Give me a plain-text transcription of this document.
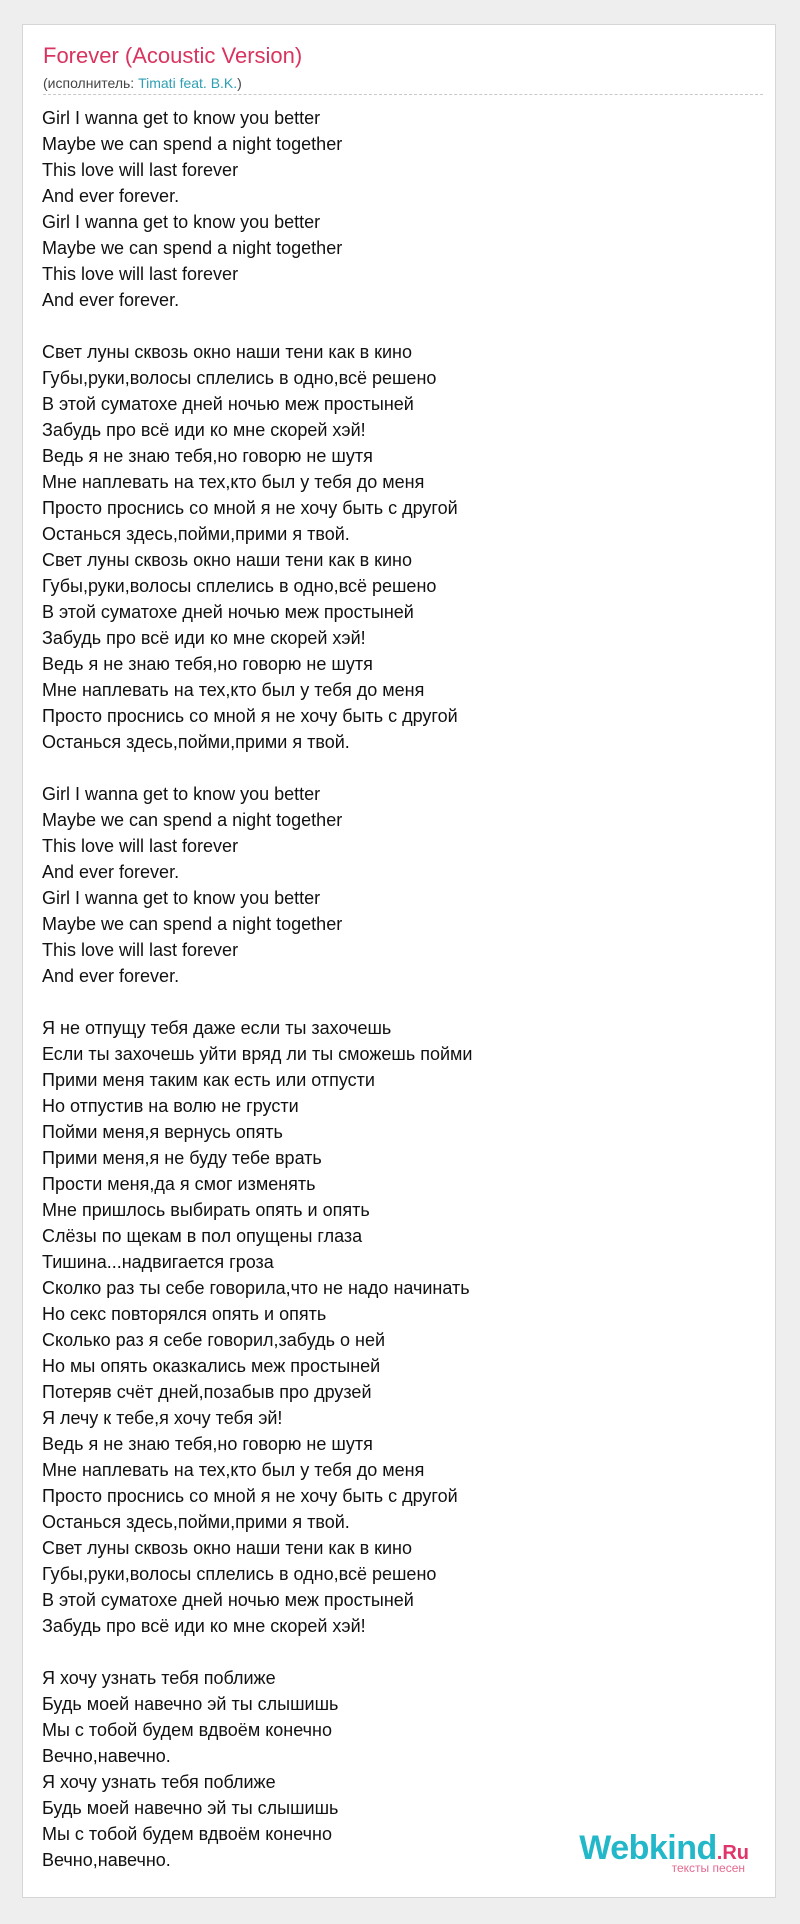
Forever (Acoustic Version)
(исполнитель: Timati feat. B.K.)
Girl I wanna get to know you better
Maybe we can spend a night together
This love will last forever
And ever forever.
Girl I wanna get to know you better
Maybe we can spend a night together
This love will last forever
And ever forever.
Свет луны сквозь окно наши тени как в кино
Губы,руки,волосы сплелись в одно,всё решено
В этой суматохе дней ночью меж простыней
Забудь про всё иди ко мне скорей хэй!
Ведь я не знаю тебя,но говорю не шутя
Мне наплевать на тех,кто был у тебя до меня
Просто проснись со мной я не хочу быть с другой
Останься здесь,пойми,прими я твой.
Свет луны сквозь окно наши тени как в кино
Губы,руки,волосы сплелись в одно,всё решено
В этой суматохе дней ночью меж простыней
Забудь про всё иди ко мне скорей хэй!
Ведь я не знаю тебя,но говорю не шутя
Мне наплевать на тех,кто был у тебя до меня
Просто проснись со мной я не хочу быть с другой
Останься здесь,пойми,прими я твой.
Girl I wanna get to know you better
Maybe we can spend a night together
This love will last forever
And ever forever.
Girl I wanna get to know you better
Maybe we can spend a night together
This love will last forever
And ever forever.
Я не отпущу тебя даже если ты захочешь
Если ты захочешь уйти вряд ли ты сможешь пойми
Прими меня таким как есть или отпусти
Но отпустив на волю не грусти
Пойми меня,я вернусь опять
Прими меня,я не буду тебе врать
Прости меня,да я смог изменять
Мне пришлось выбирать опять и опять
Слёзы по щекам в пол опущены глаза
Тишина...надвигается гроза
Сколко раз ты себе говорила,что не надо начинать
Но секс повторялся опять и опять
Сколько раз я себе говорил,забудь о ней
Но мы опять оказкались меж простыней
Потеряв счёт дней,позабыв про друзей
Я лечу к тебе,я хочу тебя эй!
Ведь я не знаю тебя,но говорю не шутя
Мне наплевать на тех,кто был у тебя до меня
Просто проснись со мной я не хочу быть с другой
Останься здесь,пойми,прими я твой.
Свет луны сквозь окно наши тени как в кино
Губы,руки,волосы сплелись в одно,всё решено
В этой суматохе дней ночью меж простыней
Забудь про всё иди ко мне скорей хэй!
Я хочу узнать тебя поближе
Будь моей навечно эй ты слышишь
Мы с тобой будем вдвоём конечно
Вечно,навечно.
Я хочу узнать тебя поближе
Будь моей навечно эй ты слышишь
Мы с тобой будем вдвоём конечно
Вечно,навечно.	Webkind.Ru
тексты песен
